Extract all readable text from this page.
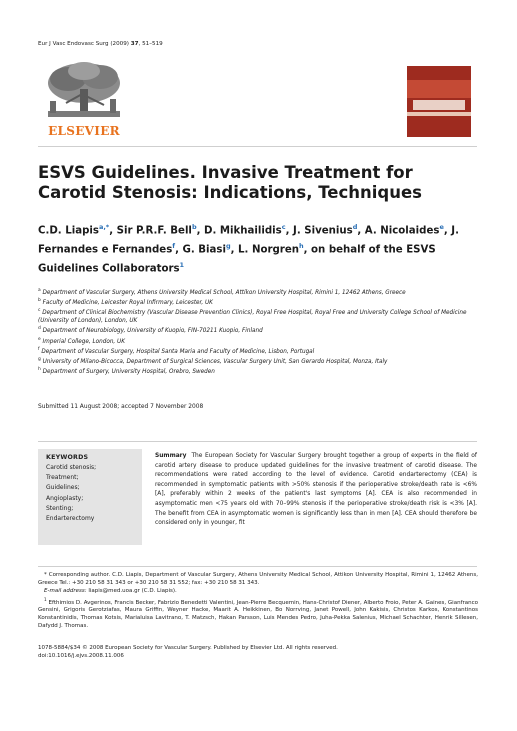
Eur J Vasc Endovasc Surg (2009) 37, 51–519
ELSEVIER
ESVS Guidelines. Invasive Treatment for Carotid Stenosis: Indications, Techniques
C.D. Liapis$^{a,*}$, Sir P.R.F. Bell$^b$, D. Mikhailidis$^c$, J. Sivenius$^d$, A. Nicolaides$^e$, J. Fernandes e Fernandes$^f$, G. Biasi$^g$, L. Norgren$^h$, on behalf of the ESVS Guidelines Collaborators$^1$
$^a$ Department of Vascular Surgery, Athens University Medical School, Attikon University Hospital, Rimini 1, 12462 Athens, Greece
$^b$ Faculty of Medicine, Leicester Royal Infirmary, Leicester, UK
$^c$ Department of Clinical Biochemistry (Vascular Disease Prevention Clinics), Royal Free Hospital, Royal Free and University College School of Medicine (University of London), London, UK
$^d$ Department of Neurobiology, University of Kuopio, FIN-70211 Kuopio, Finland
$^e$ Imperial College, London, UK
$^f$ Department of Vascular Surgery, Hospital Santa Maria and Faculty of Medicine, Lisbon, Portugal
$^g$ University of Milano-Bicocca, Department of Surgical Sciences, Vascular Surgery Unit, San Gerardo Hospital, Monza, Italy
$^h$ Department of Surgery, University Hospital, Orebro, Sweden
Submitted 11 August 2008; accepted 7 November 2008
KEYWORDS
Carotid stenosis;
Treatment;
Guidelines;
Angioplasty;
Stenting;
Endarterectomy

Summary The European Society for Vascular Surgery brought together a group of experts in the field of carotid artery disease to produce updated guidelines for the invasive treatment of carotid disease. The recommendations were rated according to the level of evidence. Carotid endarterectomy (CEA) is recommended in symptomatic patients with >50% stenosis if the perioperative stroke/death rate is <6% [A], preferably within 2 weeks of the patient's last symptoms [A]. CEA is also recommended in asymptomatic men <75 years old with 70–99% stenosis if the perioperative stroke/death risk is <3% [A]. The benefit from CEA in asymptomatic women is significantly less than in men [A]. CEA should therefore be considered only in younger, fit

* Corresponding author. C.D. Liapis, Department of Vascular Surgery, Athens University Medical School, Attikon University Hospital, Rimini 1, 12462 Athens, Greece Tel.: +30 210 58 31 343 or +30 210 58 31 552; fax: +30 210 58 31 343.

E-mail address: liapis@med.uoa.gr (C.D. Liapis).

$^1$ Efthimios D. Avgerinos, Francis Becker, Fabrizio Benedetti Valentini, Jean-Pierre Becquemin, Hans-Christof Diener, Alberto Froio, Peter A. Gaines, Gianfranco Gensini, Grigoris Gerotziafas, Maura Griffin, Weyner Hacke, Maarit A. Heikkinen, Bo Norrving, Janet Powell, John Kakisis, Christos Karkos, Konstantinos Konstantinidis, Thomas Kotsis, Marialuisa Lavitrano, T. Matzsch, Hakan Parsson, Luis Mendes Pedro, Juha-Pekka Salenius, Michael Schachter, Henrik Sillesen, Dafydd J. Thomas.

1078-5884/$34 © 2008 European Society for Vascular Surgery. Published by Elsevier Ltd. All rights reserved.
doi:10.1016/j.ejvs.2008.11.006
